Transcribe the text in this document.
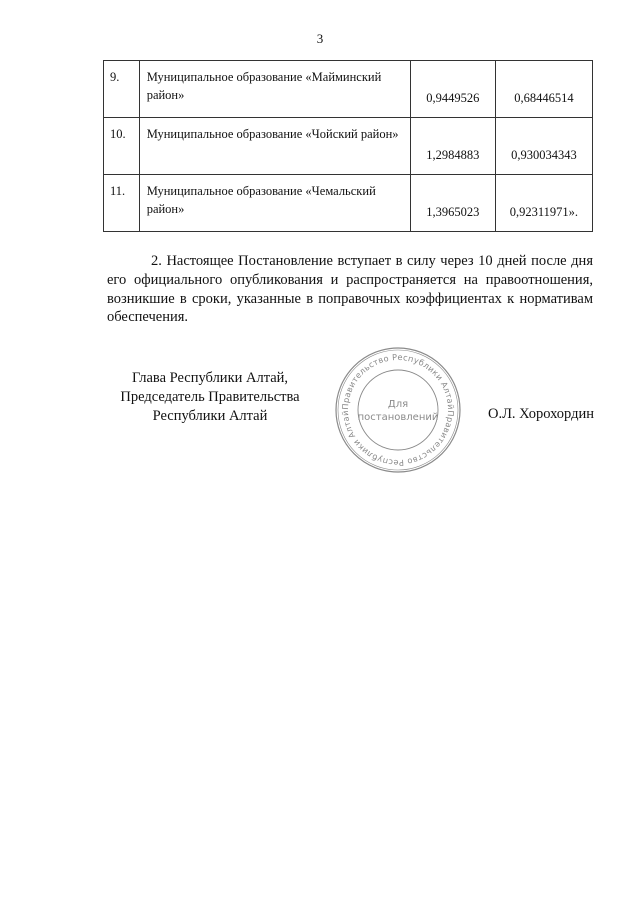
3
9.	Муниципальное образование «Майминский район»	0,9449526	0,68446514
10.	Муниципальное образование «Чойский район»	1,2984883	0,930034343
11.	Муниципальное образование «Чемальский район»	1,3965023	0,92311971».

2. Настоящее Постановление вступает в силу через 10 дней после дня его официального опубликования и распространяется на правоотношения, возникшие в сроки, указанные в поправочных коэффициентах к нормативам обеспечения.

Глава Республики Алтай,
Председатель Правительства
Республики Алтай
Правительство Республики Алтай
Правительство Республики Алтай
Для
постановлений	О.Л. Хорохордин
